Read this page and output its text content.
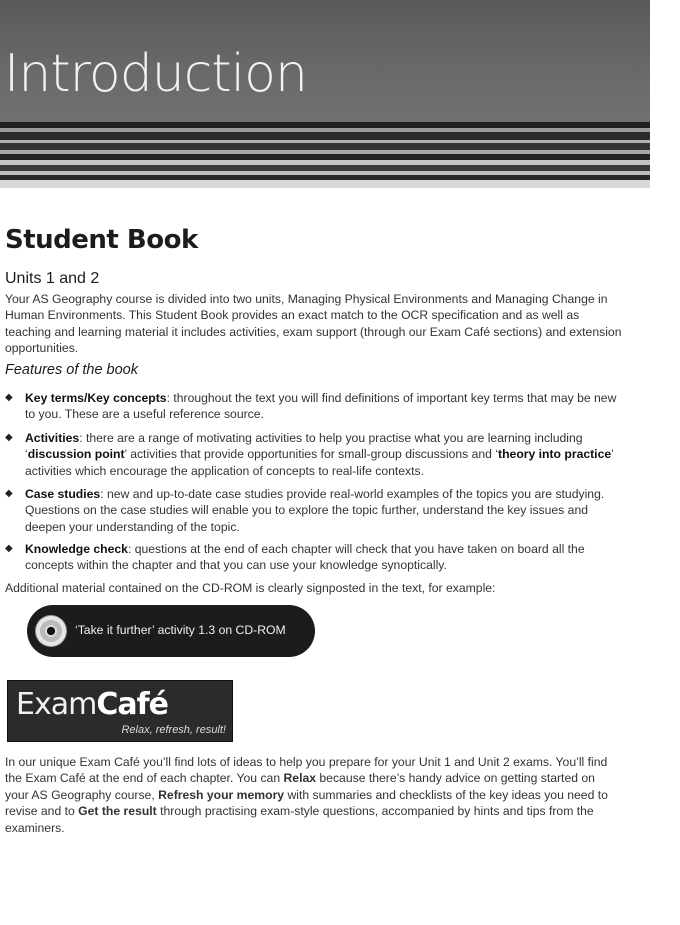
Introduction
Student Book
Units 1 and 2

Your AS Geography course is divided into two units, Managing Physical Environments and Managing Change in Human Environments. This Student Book provides an exact match to the OCR specification and as well as teaching and learning material it includes activities, exam support (through our Exam Café sections) and extension opportunities.

Features of the book
◆ Key terms/Key concepts: throughout the text you will find definitions of important key terms that may be new to you. These are a useful reference source.
◆ Activities: there are a range of motivating activities to help you practise what you are learning including ‘discussion point’ activities that provide opportunities for small-group discussions and ‘theory into practice’ activities which encourage the application of concepts to real-life contexts.
◆ Case studies: new and up-to-date case studies provide real-world examples of the topics you are studying. Questions on the case studies will enable you to explore the topic further, understand the key issues and deepen your understanding of the topic.
◆ Knowledge check: questions at the end of each chapter will check that you have taken on board all the concepts within the chapter and that you can use your knowledge synoptically.

Additional material contained on the CD-ROM is clearly signposted in the text, for example:

‘Take it further’ activity 1.3 on CD-ROM
ExamCafé
Relax, refresh, result!

In our unique Exam Café you’ll find lots of ideas to help you prepare for your Unit 1 and Unit 2 exams. You’ll find the Exam Café at the end of each chapter. You can Relax because there’s handy advice on getting started on your AS Geography course, Refresh your memory with summaries and checklists of the key ideas you need to revise and to Get the result through practising exam-style questions, accompanied by hints and tips from the examiners.
